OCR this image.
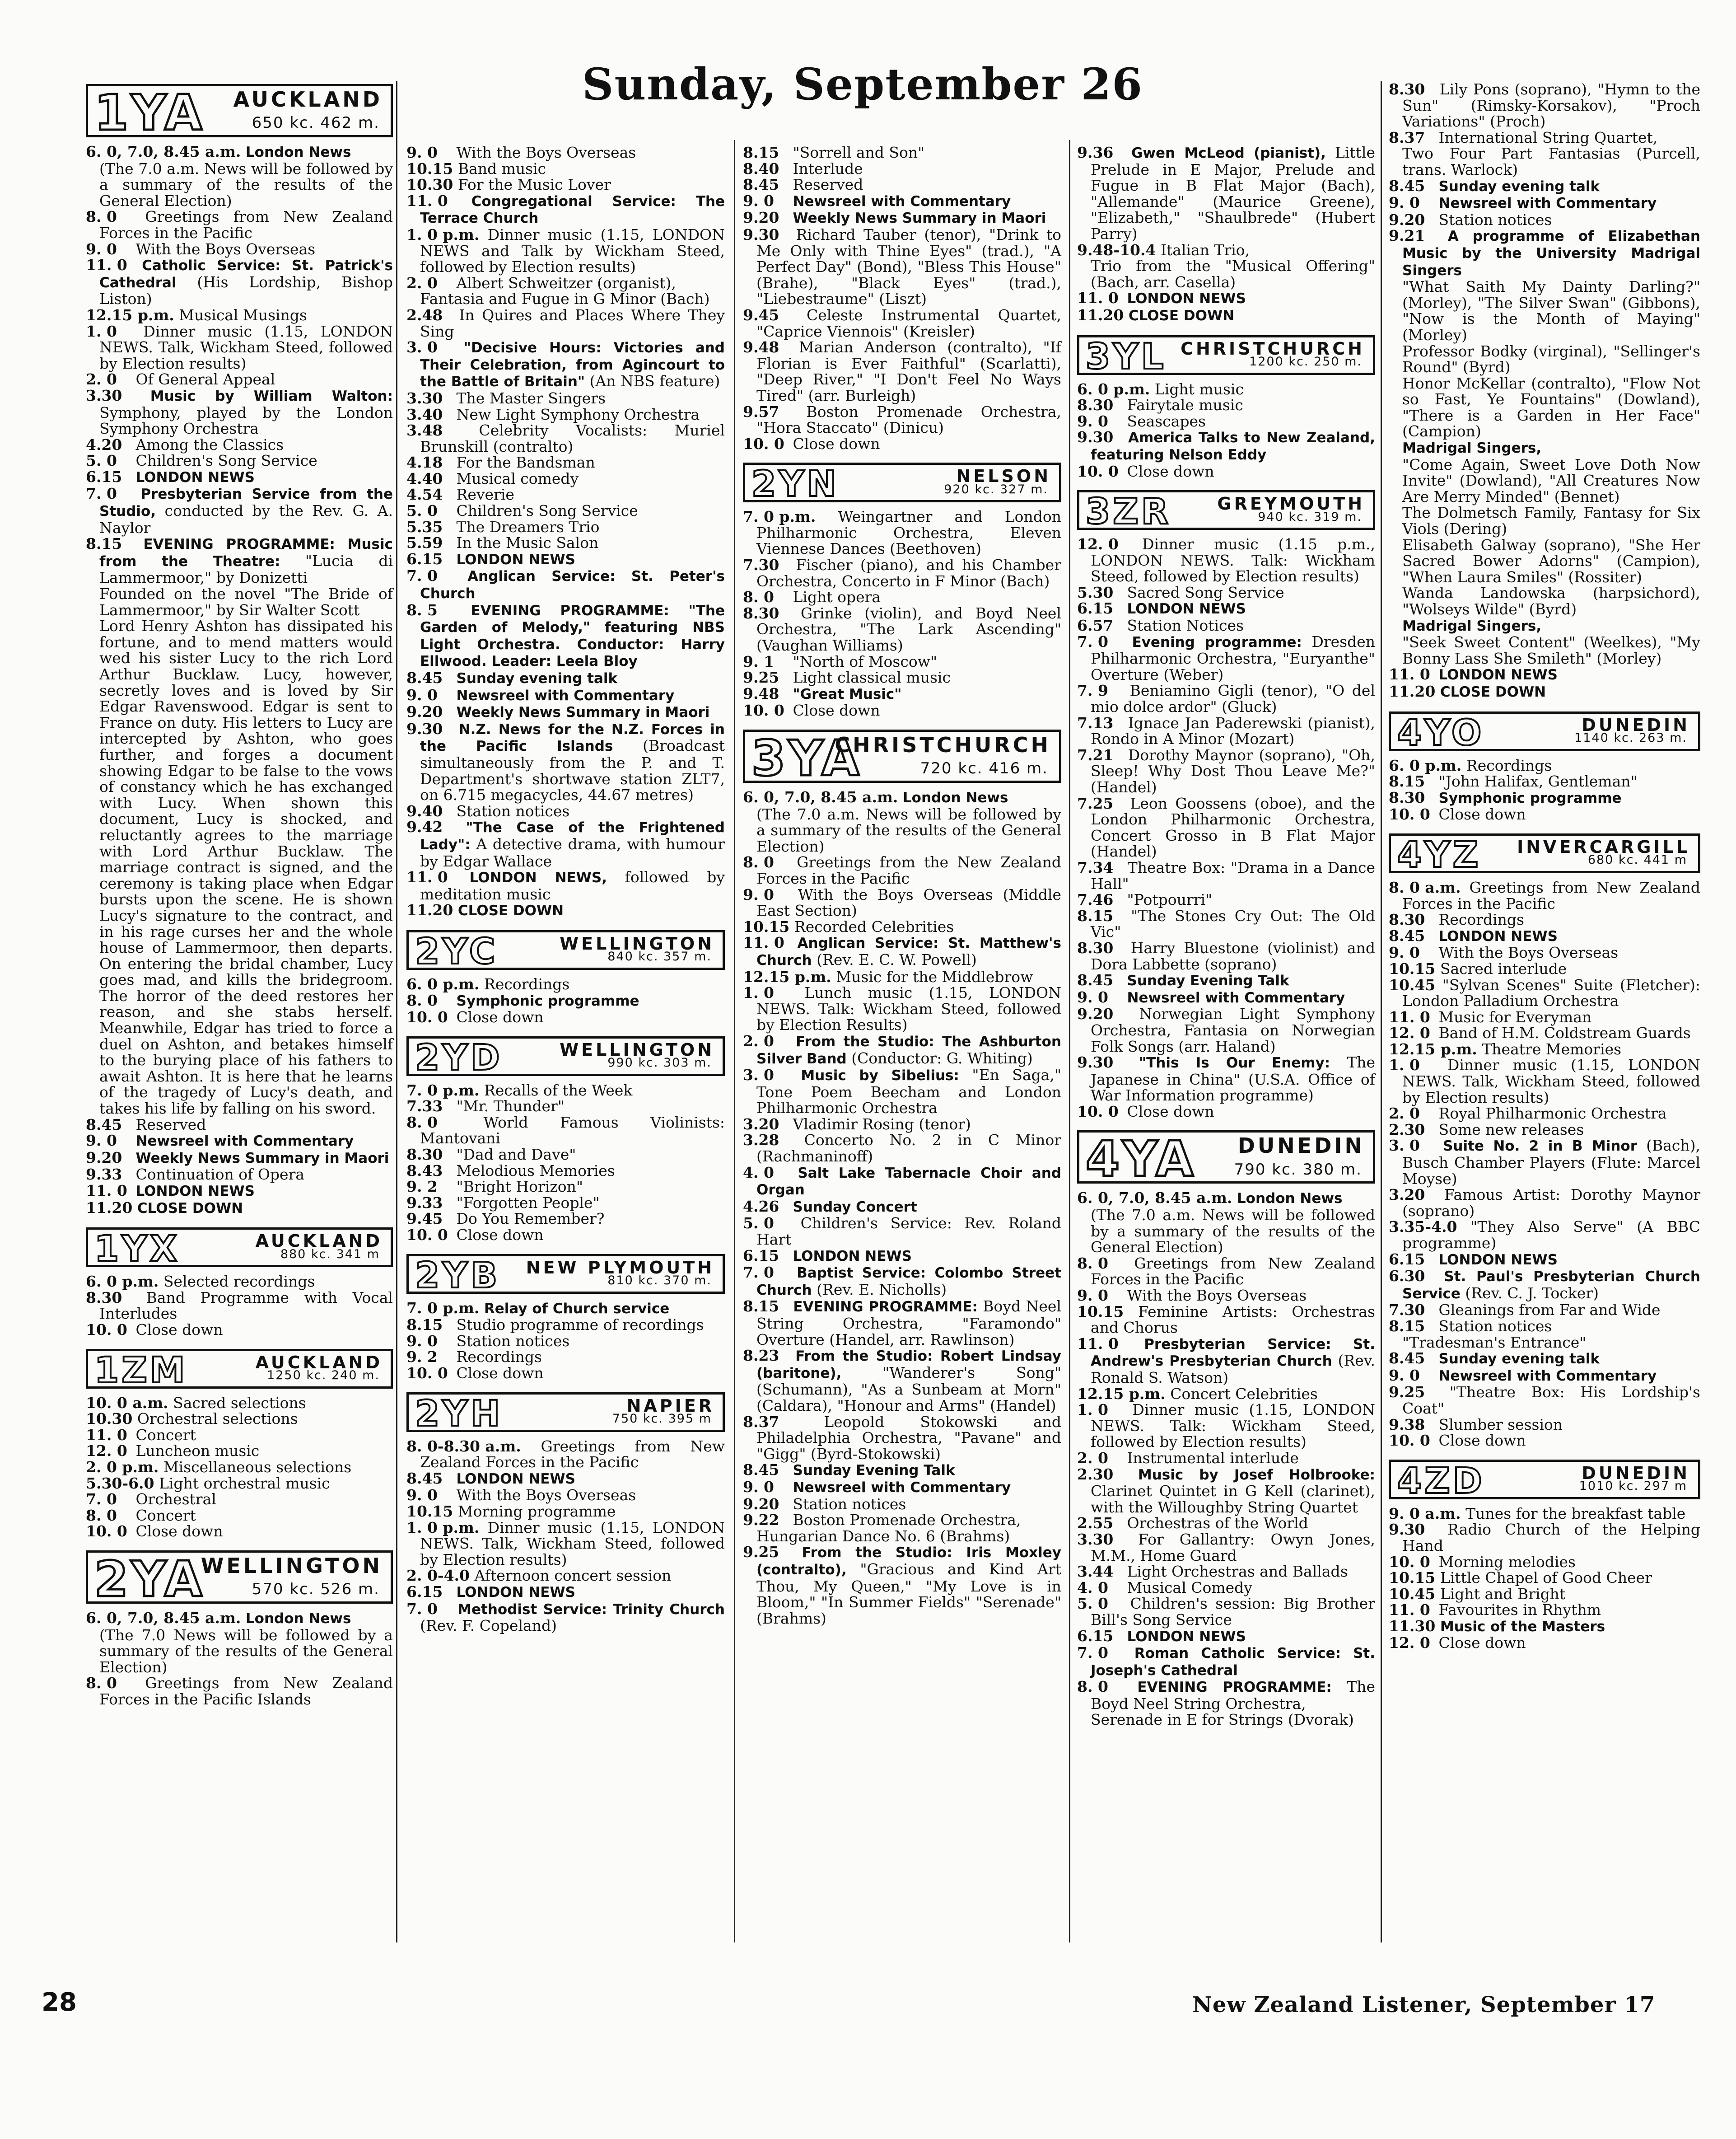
Sunday, September 26
1YA AUCKLAND
650 kc. 462 m.
6. 0, 7.0, 8.45 a.m. London News
(The 7.0 a.m. News will be followed by a summary of the results of the General Election)
8. 0 Greetings from New Zealand Forces in the Pacific
9. 0 With the Boys Overseas
11. 0 Catholic Service: St. Patrick's Cathedral (His Lordship, Bishop Liston)
12.15 p.m. Musical Musings
1. 0 Dinner music (1.15, LONDON NEWS. Talk, Wickham Steed, followed by Election results)
2. 0 Of General Appeal
3.30 Music by William Walton: Symphony, played by the London Symphony Orchestra
4.20 Among the Classics
5. 0 Children's Song Service
6.15 LONDON NEWS
7. 0 Presbyterian Service from the Studio, conducted by the Rev. G. A. Naylor
8.15 EVENING PROGRAMME: Music from the Theatre: "Lucia di Lammermoor," by Donizetti
Founded on the novel "The Bride of Lammermoor," by Sir Walter Scott
Lord Henry Ashton has dissipated his fortune, and to mend matters would wed his sister Lucy to the rich Lord Arthur Bucklaw. Lucy, however, secretly loves and is loved by Sir Edgar Ravenswood. Edgar is sent to France on duty. His letters to Lucy are intercepted by Ashton, who goes further, and forges a document showing Edgar to be false to the vows of constancy which he has exchanged with Lucy. When shown this document, Lucy is shocked, and reluctantly agrees to the marriage with Lord Arthur Bucklaw. The marriage contract is signed, and the ceremony is taking place when Edgar bursts upon the scene. He is shown Lucy's signature to the contract, and in his rage curses her and the whole house of Lammermoor, then departs. On entering the bridal chamber, Lucy goes mad, and kills the bridegroom. The horror of the deed restores her reason, and she stabs herself. Meanwhile, Edgar has tried to force a duel on Ashton, and betakes himself to the burying place of his fathers to await Ashton. It is here that he learns of the tragedy of Lucy's death, and takes his life by falling on his sword.
8.45 Reserved
9. 0 Newsreel with Commentary
9.20 Weekly News Summary in Maori
9.33 Continuation of Opera
11. 0 LONDON NEWS
11.20 CLOSE DOWN
1YX	AUCKLAND
880 kc. 341 m
6. 0 p.m. Selected recordings
8.30 Band Programme with Vocal Interludes
10. 0 Close down
1ZM	AUCKLAND
1250 kc. 240 m.
10. 0 a.m. Sacred selections
10.30 Orchestral selections
11. 0 Concert
12. 0 Luncheon music
2. 0 p.m. Miscellaneous selections
5.30-6.0 Light orchestral music
7. 0 Orchestral
8. 0 Concert
10. 0 Close down
2YA
WELLINGTON
570 kc. 526 m.
6. 0, 7.0, 8.45 a.m. London News
(The 7.0 News will be followed by a summary of the results of the General Election)
8. 0 Greetings from New Zealand Forces in the Pacific Islands
9. 0 With the Boys Overseas
10.15 Band music
10.30 For the Music Lover
11. 0 Congregational Service: The Terrace Church
1. 0 p.m. Dinner music (1.15, LONDON NEWS and Talk by Wickham Steed, followed by Election results)
2. 0 Albert Schweitzer (organist),
Fantasia and Fugue in G Minor (Bach)
2.48 In Quires and Places Where They Sing
3. 0 "Decisive Hours: Victories and Their Celebration, from Agincourt to the Battle of Britain" (An NBS feature)
3.30 The Master Singers
3.40 New Light Symphony Orchestra
3.48 Celebrity Vocalists: Muriel Brunskill (contralto)
4.18 For the Bandsman
4.40 Musical comedy
4.54 Reverie
5. 0 Children's Song Service
5.35 The Dreamers Trio
5.59 In the Music Salon
6.15 LONDON NEWS
7. 0 Anglican Service: St. Peter's Church
8. 5 EVENING PROGRAMME: "The Garden of Melody," featuring NBS Light Orchestra. Conductor: Harry Ellwood. Leader: Leela Bloy
8.45 Sunday evening talk
9. 0 Newsreel with Commentary
9.20 Weekly News Summary in Maori
9.30 N.Z. News for the N.Z. Forces in the Pacific Islands (Broadcast simultaneously from the P. and T. Department's shortwave station ZLT7, on 6.715 megacycles, 44.67 metres)
9.40 Station notices
9.42 "The Case of the Frightened Lady": A detective drama, with humour by Edgar Wallace
11. 0 LONDON NEWS, followed by meditation music
11.20 CLOSE DOWN
2YC	WELLINGTON
840 kc. 357 m.
6. 0 p.m. Recordings
8. 0 Symphonic programme
10. 0 Close down
2YD	WELLINGTON
990 kc. 303 m.
7. 0 p.m. Recalls of the Week
7.33 "Mr. Thunder"
8. 0	World Famous Violinists: Mantovani
8.30 "Dad and Dave"
8.43 Melodious Memories
9. 2 "Bright Horizon"
9.33 "Forgotten People"
9.45 Do You Remember?
10. 0 Close down
2YB NEW PLYMOUTH
810 kc. 370 m.
7. 0 p.m. Relay of Church service
8.15 Studio programme of recordings
9. 0 Station notices
9. 2 Recordings
10. 0 Close down
2YH	NAPIER
750 kc. 395 m
8. 0-8.30 a.m. Greetings from New Zealand Forces in the Pacific
8.45 LONDON NEWS
9. 0 With the Boys Overseas
10.15 Morning programme
1. 0 p.m. Dinner music (1.15, LONDON NEWS. Talk, Wickham Steed, followed by Election results)
2. 0-4.0 Afternoon concert session
6.15 LONDON NEWS
7. 0 Methodist Service: Trinity Church (Rev. F. Copeland)
8.15 "Sorrell and Son"
8.40 Interlude
8.45 Reserved
9. 0 Newsreel with Commentary
9.20 Weekly News Summary in Maori
9.30 Richard Tauber (tenor), "Drink to Me Only with Thine Eyes" (trad.), "A Perfect Day" (Bond), "Bless This House" (Brahe), "Black Eyes" (trad.), "Liebestraume" (Liszt)
9.45 Celeste Instrumental Quartet, "Caprice Viennois" (Kreisler)
9.48 Marian Anderson (contralto), "If Florian is Ever Faithful" (Scarlatti), "Deep River," "I Don't Feel No Ways Tired" (arr. Burleigh)
9.57 Boston Promenade Orchestra, "Hora Staccato" (Dinicu)
10. 0 Close down
2YN	NELSON
920 kc. 327 m.
7. 0 p.m. Weingartner and London Philharmonic Orchestra, Eleven Viennese Dances (Beethoven)
7.30 Fischer (piano), and his Chamber Orchestra, Concerto in F Minor (Bach)
8. 0 Light opera
8.30 Grinke (violin), and Boyd Neel Orchestra, "The Lark Ascending" (Vaughan Williams)
9. 1 "North of Moscow"
9.25 Light classical music
9.48 "Great Music"
10. 0 Close down
3YA
CHRISTCHURCH
720 kc. 416 m.
6. 0, 7.0, 8.45 a.m. London News
(The 7.0 a.m. News will be followed by a summary of the results of the General Election)
8. 0 Greetings from the New Zealand Forces in the Pacific
9. 0 With the Boys Overseas (Middle East Section)
10.15 Recorded Celebrities
11. 0 Anglican Service: St. Matthew's Church (Rev. E. C. W. Powell)
12.15 p.m. Music for the Middlebrow
1. 0 Lunch music (1.15, LONDON NEWS. Talk: Wickham Steed, followed by Election Results)
2. 0 From the Studio: The Ashburton Silver Band (Conductor: G. Whiting)
3. 0 Music by Sibelius: "En Saga," Tone Poem Beecham and London Philharmonic Orchestra
3.20 Vladimir Rosing (tenor)
3.28 Concerto No. 2 in C Minor (Rachmaninoff)
4. 0 Salt Lake Tabernacle Choir and Organ
4.26 Sunday Concert
5. 0 Children's Service: Rev. Roland Hart
6.15 LONDON NEWS
7. 0 Baptist Service: Colombo Street Church (Rev. E. Nicholls)
8.15 EVENING PROGRAMME: Boyd Neel String Orchestra, "Faramondo" Overture (Handel, arr. Rawlinson)
8.23 From the Studio: Robert Lindsay (baritone),	"Wanderer's Song" (Schumann), "As a Sunbeam at Morn" (Caldara), "Honour and Arms" (Handel)
8.37	Leopold Stokowski and Philadelphia Orchestra, "Pavane" and "Gigg" (Byrd-Stokowski)
8.45 Sunday Evening Talk
9. 0 Newsreel with Commentary
9.20 Station notices
9.22 Boston Promenade Orchestra,
Hungarian Dance No. 6 (Brahms)
9.25 From the Studio: Iris Moxley (contralto), "Gracious and Kind Art Thou, My Queen," "My Love is in Bloom," "In Summer Fields" "Serenade" (Brahms)
9.36 Gwen McLeod (pianist), Little Prelude in E Major, Prelude and Fugue in B Flat Major (Bach), "Allemande" (Maurice Greene), "Elizabeth," "Shaulbrede" (Hubert Parry)
9.48-10.4 Italian Trio,
Trio from the "Musical Offering" (Bach, arr. Casella)
11. 0 LONDON NEWS
11.20 CLOSE DOWN
3YL CHRISTCHURCH
1200 kc. 250 m.
6. 0 p.m. Light music
8.30 Fairytale music
9. 0 Seascapes
9.30 America Talks to New Zealand, featuring Nelson Eddy
10. 0 Close down
3ZR	GREYMOUTH
940 kc. 319 m.
12. 0 Dinner music (1.15 p.m., LONDON NEWS. Talk: Wickham Steed, followed by Election results)
5.30 Sacred Song Service
6.15 LONDON NEWS
6.57 Station Notices
7. 0 Evening programme: Dresden Philharmonic Orchestra, "Euryanthe" Overture (Weber)
7. 9 Beniamino Gigli (tenor), "O del mio dolce ardor" (Gluck)
7.13 Ignace Jan Paderewski (pianist), Rondo in A Minor (Mozart)
7.21 Dorothy Maynor (soprano), "Oh, Sleep! Why Dost Thou Leave Me?" (Handel)
7.25 Leon Goossens (oboe), and the London Philharmonic Orchestra, Concert Grosso in B Flat Major (Handel)
7.34 Theatre Box: "Drama in a Dance Hall"
7.46 "Potpourri"
8.15 "The Stones Cry Out: The Old Vic"
8.30 Harry Bluestone (violinist) and Dora Labbette (soprano)
8.45 Sunday Evening Talk
9. 0 Newsreel with Commentary
9.20 Norwegian Light Symphony Orchestra, Fantasia on Norwegian Folk Songs (arr. Haland)
9.30 "This Is Our Enemy: The Japanese in China" (U.S.A. Office of War Information programme)
10. 0 Close down
4YA DUNEDIN
790 kc. 380 m.
6. 0, 7.0, 8.45 a.m. London News
(The 7.0 a.m. News will be followed by a summary of the results of the General Election)
8. 0 Greetings from New Zealand Forces in the Pacific
9. 0 With the Boys Overseas
10.15 Feminine Artists: Orchestras and Chorus
11. 0 Presbyterian Service: St. Andrew's Presbyterian Church (Rev. Ronald S. Watson)
12.15 p.m. Concert Celebrities
1. 0 Dinner music (1.15, LONDON NEWS. Talk: Wickham Steed, followed by Election results)
2. 0 Instrumental interlude
2.30 Music by Josef Holbrooke: Clarinet Quintet in G Kell (clarinet), with the Willoughby String Quartet
2.55 Orchestras of the World
3.30 For Gallantry: Owyn Jones, M.M., Home Guard
3.44 Light Orchestras and Ballads
4. 0 Musical Comedy
5. 0 Children's session: Big Brother Bill's Song Service
6.15 LONDON NEWS
7. 0 Roman Catholic Service: St. Joseph's Cathedral
8. 0 EVENING PROGRAMME: The Boyd Neel String Orchestra,
Serenade in E for Strings (Dvorak)
8.30 Lily Pons (soprano), "Hymn to the Sun" (Rimsky-Korsakov), "Proch Variations" (Proch)
8.37 International String Quartet,
Two Four Part Fantasias (Purcell, trans. Warlock)
8.45 Sunday evening talk
9. 0 Newsreel with Commentary
9.20 Station notices
9.21 A programme of Elizabethan Music by the University Madrigal Singers
"What Saith My Dainty Darling?" (Morley), "The Silver Swan" (Gibbons), "Now is the Month of Maying" (Morley)
Professor Bodky (virginal), "Sellinger's Round" (Byrd)
Honor McKellar (contralto), "Flow Not so Fast, Ye Fountains" (Dowland), "There is a Garden in Her Face" (Campion)
Madrigal Singers,
"Come Again, Sweet Love Doth Now Invite" (Dowland), "All Creatures Now Are Merry Minded" (Bennet)
The Dolmetsch Family, Fantasy for Six Viols (Dering)
Elisabeth Galway (soprano), "She Her Sacred Bower Adorns" (Campion), "When Laura Smiles" (Rossiter)
Wanda Landowska (harpsichord), "Wolseys Wilde" (Byrd)
Madrigal Singers,
"Seek Sweet Content" (Weelkes), "My Bonny Lass She Smileth" (Morley)
11. 0 LONDON NEWS
11.20 CLOSE DOWN
4YO	DUNEDIN
1140 kc. 263 m.
6. 0 p.m. Recordings
8.15 "John Halifax, Gentleman"
8.30 Symphonic programme
10. 0 Close down
4YZ INVERCARGILL
680 kc. 441 m
8. 0 a.m. Greetings from New Zealand Forces in the Pacific
8.30 Recordings
8.45 LONDON NEWS
9. 0 With the Boys Overseas
10.15 Sacred interlude
10.45 "Sylvan Scenes" Suite (Fletcher): London Palladium Orchestra
11. 0 Music for Everyman
12. 0 Band of H.M. Coldstream Guards
12.15 p.m. Theatre Memories
1. 0 Dinner music (1.15, LONDON NEWS. Talk, Wickham Steed, followed by Election results)
2. 0 Royal Philharmonic Orchestra
2.30 Some new releases
3. 0 Suite No. 2 in B Minor (Bach), Busch Chamber Players (Flute: Marcel Moyse)
3.20 Famous Artist: Dorothy Maynor (soprano)
3.35-4.0 "They Also Serve" (A BBC programme)
6.15 LONDON NEWS
6.30 St. Paul's Presbyterian Church Service (Rev. C. J. Tocker)
7.30 Gleanings from Far and Wide
8.15 Station notices
"Tradesman's Entrance"
8.45 Sunday evening talk
9. 0 Newsreel with Commentary
9.25 "Theatre Box: His Lordship's Coat"
9.38 Slumber session
10. 0 Close down
4ZD	DUNEDIN
1010 kc. 297 m
9. 0 a.m. Tunes for the breakfast table
9.30 Radio Church of the Helping Hand
10. 0 Morning melodies
10.15 Little Chapel of Good Cheer
10.45 Light and Bright
11. 0 Favourites in Rhythm
11.30 Music of the Masters
12. 0 Close down
28	New Zealand Listener, September 17
